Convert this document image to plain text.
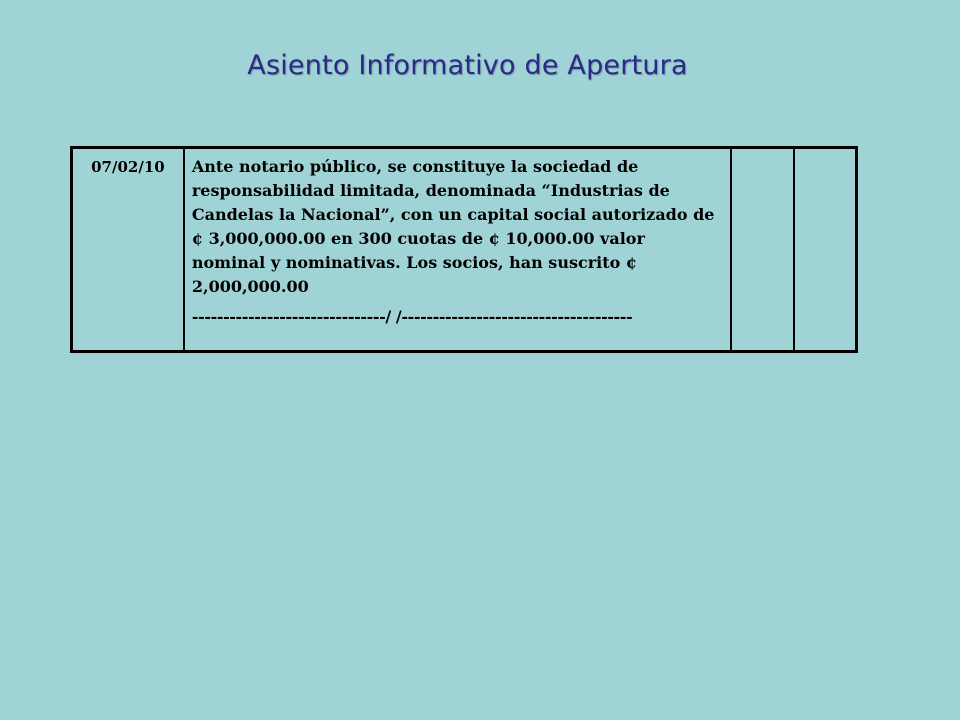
Asiento Informativo de Apertura
07/02/10	Ante notario público, se constituye la sociedad de responsabilidad limitada, denominada “Industrias de Candelas la Nacional”, con un capital social autorizado de ¢ 3,000,000.00 en 300 cuotas de ¢ 10,000.00 valor nominal y nominativas. Los socios, han suscrito ¢ 2,000,000.00
-------------------------------/ /-------------------------------------
